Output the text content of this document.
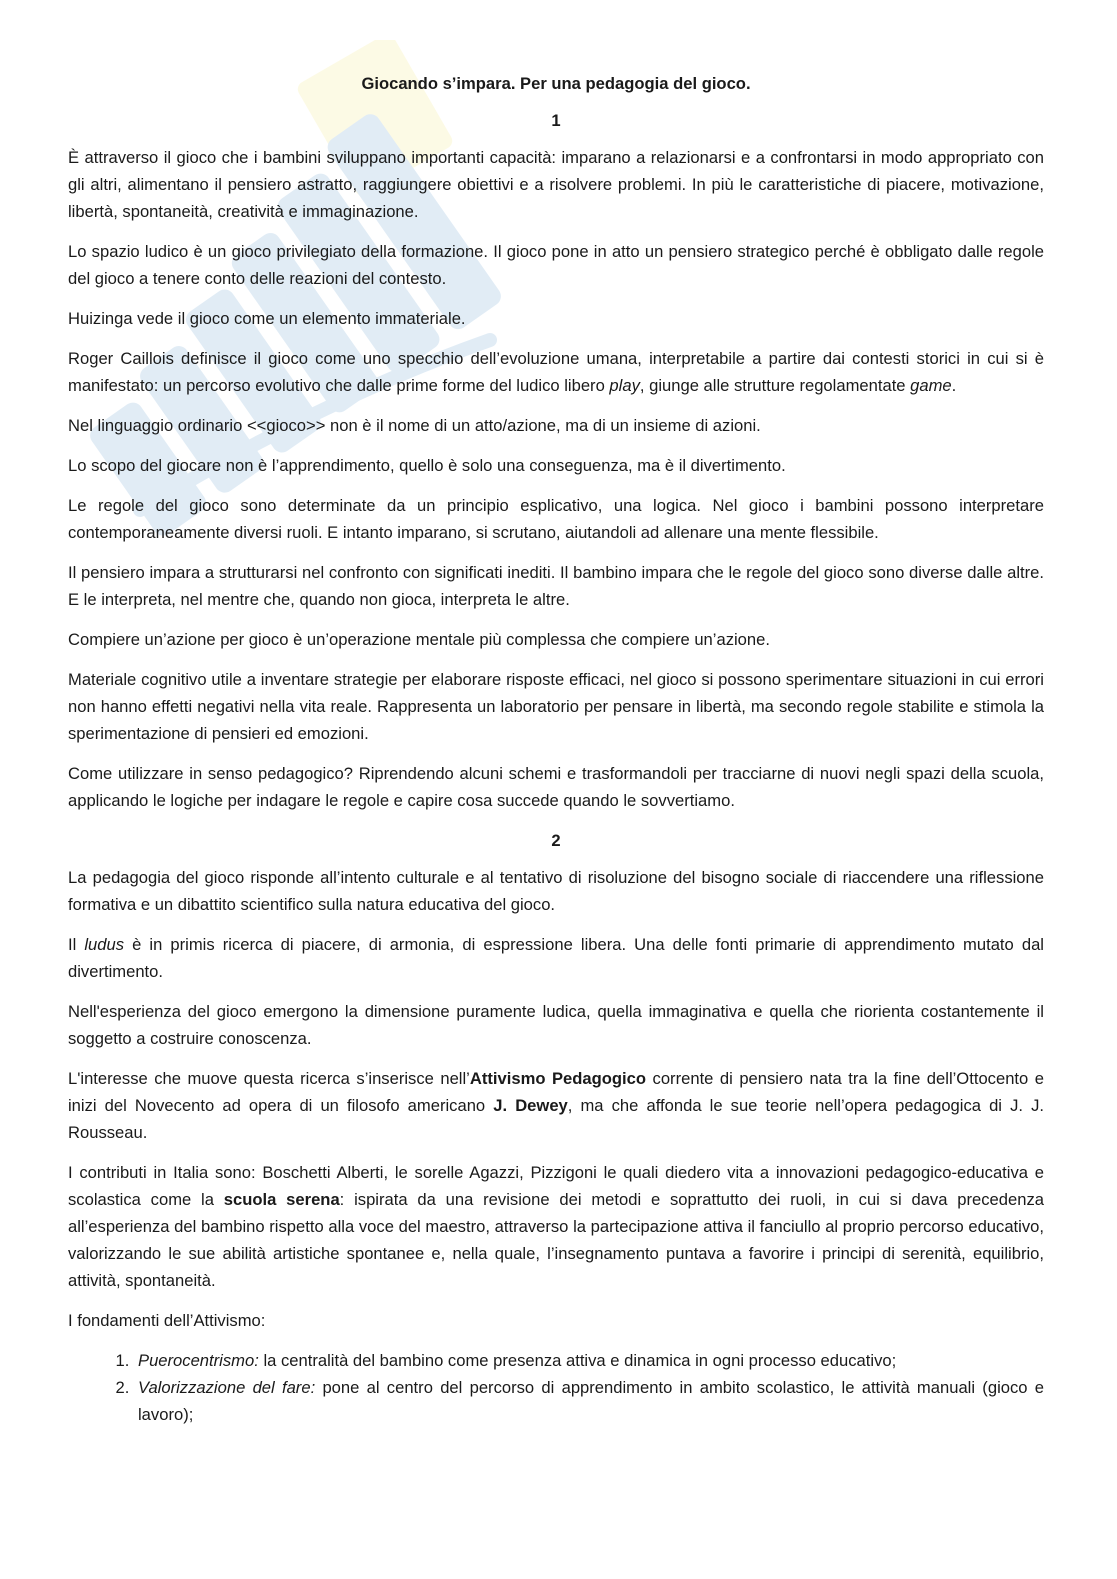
Giocando s’impara. Per una pedagogia del gioco.
1

È attraverso il gioco che i bambini sviluppano importanti capacità: imparano a relazionarsi e a confrontarsi in modo appropriato con gli altri, alimentano il pensiero astratto, raggiungere obiettivi e a risolvere problemi. In più le caratteristiche di piacere, motivazione, libertà, spontaneità, creatività e immaginazione.

Lo spazio ludico è un gioco privilegiato della formazione. Il gioco pone in atto un pensiero strategico perché è obbligato dalle regole del gioco a tenere conto delle reazioni del contesto.

Huizinga vede il gioco come un elemento immateriale.

Roger Caillois definisce il gioco come uno specchio dell’evoluzione umana, interpretabile a partire dai contesti storici in cui si è manifestato: un percorso evolutivo che dalle prime forme del ludico libero play, giunge alle strutture regolamentate game.

Nel linguaggio ordinario <<gioco>> non è il nome di un atto/azione, ma di un insieme di azioni.

Lo scopo del giocare non è l’apprendimento, quello è solo una conseguenza, ma è il divertimento.

Le regole del gioco sono determinate da un principio esplicativo, una logica. Nel gioco i bambini possono interpretare contemporaneamente diversi ruoli. E intanto imparano, si scrutano, aiutandoli ad allenare una mente flessibile.

Il pensiero impara a strutturarsi nel confronto con significati inediti. Il bambino impara che le regole del gioco sono diverse dalle altre. E le interpreta, nel mentre che, quando non gioca, interpreta le altre.

Compiere un’azione per gioco è un’operazione mentale più complessa che compiere un’azione.

Materiale cognitivo utile a inventare strategie per elaborare risposte efficaci, nel gioco si possono sperimentare situazioni in cui errori non hanno effetti negativi nella vita reale. Rappresenta un laboratorio per pensare in libertà, ma secondo regole stabilite e stimola la sperimentazione di pensieri ed emozioni.

Come utilizzare in senso pedagogico? Riprendendo alcuni schemi e trasformandoli per tracciarne di nuovi negli spazi della scuola, applicando le logiche per indagare le regole e capire cosa succede quando le sovvertiamo.

2

La pedagogia del gioco risponde all’intento culturale e al tentativo di risoluzione del bisogno sociale di riaccendere una riflessione formativa e un dibattito scientifico sulla natura educativa del gioco.

Il ludus è in primis ricerca di piacere, di armonia, di espressione libera. Una delle fonti primarie di apprendimento mutato dal divertimento.

Nell'esperienza del gioco emergono la dimensione puramente ludica, quella immaginativa e quella che riorienta costantemente il soggetto a costruire conoscenza.

L'interesse che muove questa ricerca s’inserisce nell’Attivismo Pedagogico corrente di pensiero nata tra la fine dell’Ottocento e inizi del Novecento ad opera di un filosofo americano J. Dewey, ma che affonda le sue teorie nell’opera pedagogica di J. J. Rousseau.

I contributi in Italia sono: Boschetti Alberti, le sorelle Agazzi, Pizzigoni le quali diedero vita a innovazioni pedagogico-educativa e scolastica come la scuola serena: ispirata da una revisione dei metodi e soprattutto dei ruoli, in cui si dava precedenza all’esperienza del bambino rispetto alla voce del maestro, attraverso la partecipazione attiva il fanciullo al proprio percorso educativo, valorizzando le sue abilità artistiche spontanee e, nella quale, l’insegnamento puntava a favorire i principi di serenità, equilibrio, attività, spontaneità.

I fondamenti dell’Attivismo:

1. Puerocentrismo: la centralità del bambino come presenza attiva e dinamica in ogni processo educativo;
2. Valorizzazione del fare: pone al centro del percorso di apprendimento in ambito scolastico, le attività manuali (gioco e lavoro);
